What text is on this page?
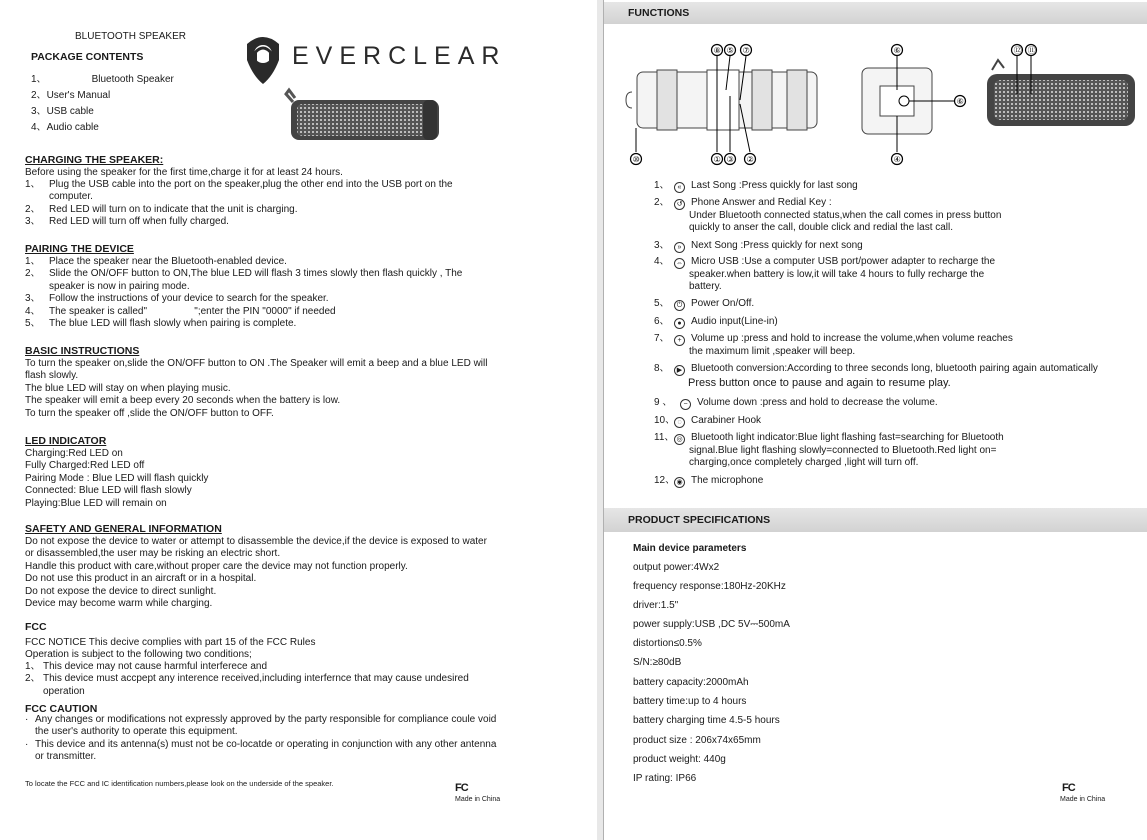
BLUETOOTH SPEAKER
PACKAGE CONTENTS	EVERCLEAR
1、	Bluetooth Speaker
2、User's Manual
3、USB cable
4、Audio cable
CHARGING THE SPEAKER:
Before using the speaker for the first time,charge it for at least 24 hours.
1、 Plug the USB cable into the port on the speaker,plug the other end into the USB port on the computer.
2、 Red LED will turn on to indicate that the unit is charging.
3、 Red LED will turn off when fully charged.
PAIRING THE DEVICE
1、 Place the speaker near the Bluetooth-enabled device.
2、 Slide the ON/OFF button to ON,The blue LED will flash 3 times slowly then flash quickly , The speaker is now in pairing mode.
3、 Follow the instructions of your device to search for the speaker.
4、 The speaker is called"                 ";enter the PIN "0000" if needed
5、 The blue LED will flash slowly when pairing is complete.
BASIC INSTRUCTIONS
To turn the speaker on,slide the ON/OFF button to ON .The Speaker will emit a beep and a blue LED will flash slowly.
The blue LED will stay on when playing music.
The speaker will emit a beep every 20 seconds when the battery is low.
To turn the speaker off ,slide the ON/OFF button to OFF.
LED INDICATOR
Charging:Red LED on
Fully Charged:Red LED off
Pairing Mode : Blue LED will flash quickly
Connected: Blue LED will flash slowly
Playing:Blue LED will remain on
SAFETY AND GENERAL INFORMATION
Do not expose the device to water or attempt to disassemble the device,if the device is exposed to water or disassembled,the user may be risking an electric short.
Handle this product with care,without proper care the device may not function properly.
Do not use this product in an aircraft or in a hospital.
Do not expose the device to direct sunlight.
Device may become warm while charging.
FCC
FCC NOTICE This decive complies with part 15 of the FCC Rules
Operation is subject to the following two conditions;
1、 This device may not cause harmful interferece and
2、 This device must accpept any interence received,including interfernce that may cause undesired operation
FCC CAUTION
· Any changes or modifications not expressly approved by the party responsible for compliance coule void the user's authority to operate this equipment.
· This device and its antenna(s) must not be co-locatde or operating in conjunction with any other antenna or transmitter.
To locate the FCC and IC identification numbers,please look on the underside of the speaker.	FC
Made in China
FUNCTIONS
⑧ ⑤ ⑦	⑥	⑫ ⑪
⑥
⑩	① ③ ②	④
1、 « Last Song :Press quickly for last song
2、 ↺ Phone Answer and Redial Key :
Under Bluetooth connected status,when the call comes in press button
quickly to anser the call, double click and redial the last call.
3、 » Next Song :Press quickly for next song
4、 ⇔ Micro USB :Use a computer USB port/power adapter to recharge the
speaker.when battery is low,it will take 4 hours to fully recharge the
battery.
5、 ⏻ Power On/Off.
6、 ● Audio input(Line-in)
7、 + Volume up :press and hold to increase the volume,when volume reaches
the maximum limit ,speaker will beep.
8、 ▶ Bluetooth conversion:According to three seconds long, bluetooth pairing again automatically
Press button once to pause and again to resume play.
9 、 − Volume down :press and hold to decrease the volume.
10、 ◌ Carabiner Hook
11、 ◎ Bluetooth light indicator:Blue light flashing fast=searching for Bluetooth
signal.Blue light flashing slowly=connected to Bluetooth.Red light on=
charging,once completely charged ,light will turn off.
12、◉ The microphone
PRODUCT SPECIFICATIONS
Main device parameters
output power:4Wx2
frequency response:180Hz-20KHz
driver:1.5"
power supply:USB ,DC 5V⎓500mA
distortion≤0.5%
S/N:≥80dB
battery capacity:2000mAh
battery time:up to 4 hours
battery charging time 4.5-5 hours
product size : 206x74x65mm
product weight: 440g
IP rating: IP66
FC
Made in China
